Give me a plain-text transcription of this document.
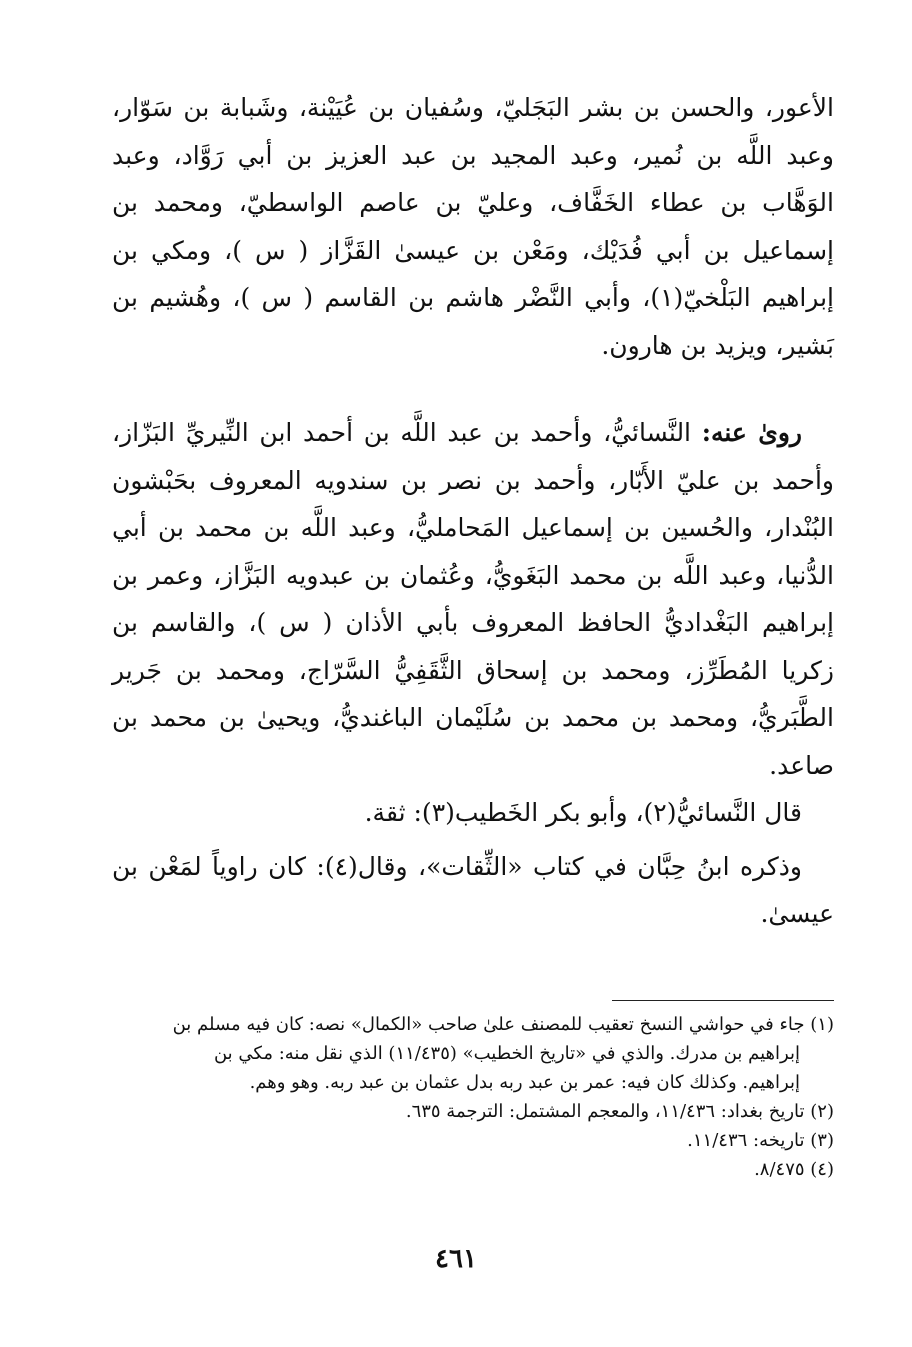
الأعور، والحسن بن بشر البَجَليّ، وسُفيان بن عُيَيْنة، وشَبابة بن سَوّار، وعبد اللَّه بن نُمير، وعبد المجيد بن عبد العزيز بن أبي رَوَّاد، وعبد الوَهَّاب بن عطاء الخَفَّاف، وعليّ بن عاصم الواسطيّ، ومحمد بن إسماعيل بن أبي فُدَيْك، ومَعْن بن عيسىٰ القَزَّاز ( س )، ومكي بن إبراهيم البَلْخيّ(١)، وأبي النَّضْر هاشم بن القاسم ( س )، وهُشيم بن بَشير، ويزيد بن هارون.

روىٰ عنه: النَّسائيُّ، وأحمد بن عبد اللَّه بن أحمد ابن النِّيريِّ البَزّاز، وأحمد بن عليّ الأَبّار، وأحمد بن نصر بن سندويه المعروف بحَبْشون البُنْدار، والحُسين بن إسماعيل المَحامليُّ، وعبد اللَّه بن محمد بن أبي الدُّنيا، وعبد اللَّه بن محمد البَغَويُّ، وعُثمان بن عبدويه البَزَّاز، وعمر بن إبراهيم البَغْداديُّ الحافظ المعروف بأبي الأذان ( س )، والقاسم بن زكريا المُطَرِّز، ومحمد بن إسحاق الثَّقَفِيُّ السَّرّاج، ومحمد بن جَرير الطَّبَريُّ، ومحمد بن محمد بن سُلَيْمان الباغنديُّ، ويحيىٰ بن محمد بن صاعد.

قال النَّسائيُّ(٢)، وأبو بكر الخَطيب(٣): ثقة.

وذكره ابنُ حِبَّان في كتاب «الثِّقات»، وقال(٤): كان راوياً لمَعْن بن عيسىٰ.

(١) جاء في حواشي النسخ تعقيب للمصنف علىٰ صاحب «الكمال» نصه: كان فيه مسلم بن

إبراهيم بن مدرك. والذي في «تاريخ الخطيب» (١١/٤٣٥) الذي نقل منه: مكي بن

إبراهيم. وكذلك كان فيه: عمر بن عبد ربه بدل عثمان بن عبد ربه. وهو وهم.

(٢) تاريخ بغداد: ١١/٤٣٦، والمعجم المشتمل: الترجمة ٦٣٥.

(٣) تاريخه: ١١/٤٣٦.

(٤) ٨/٤٧٥.

٤٦١
